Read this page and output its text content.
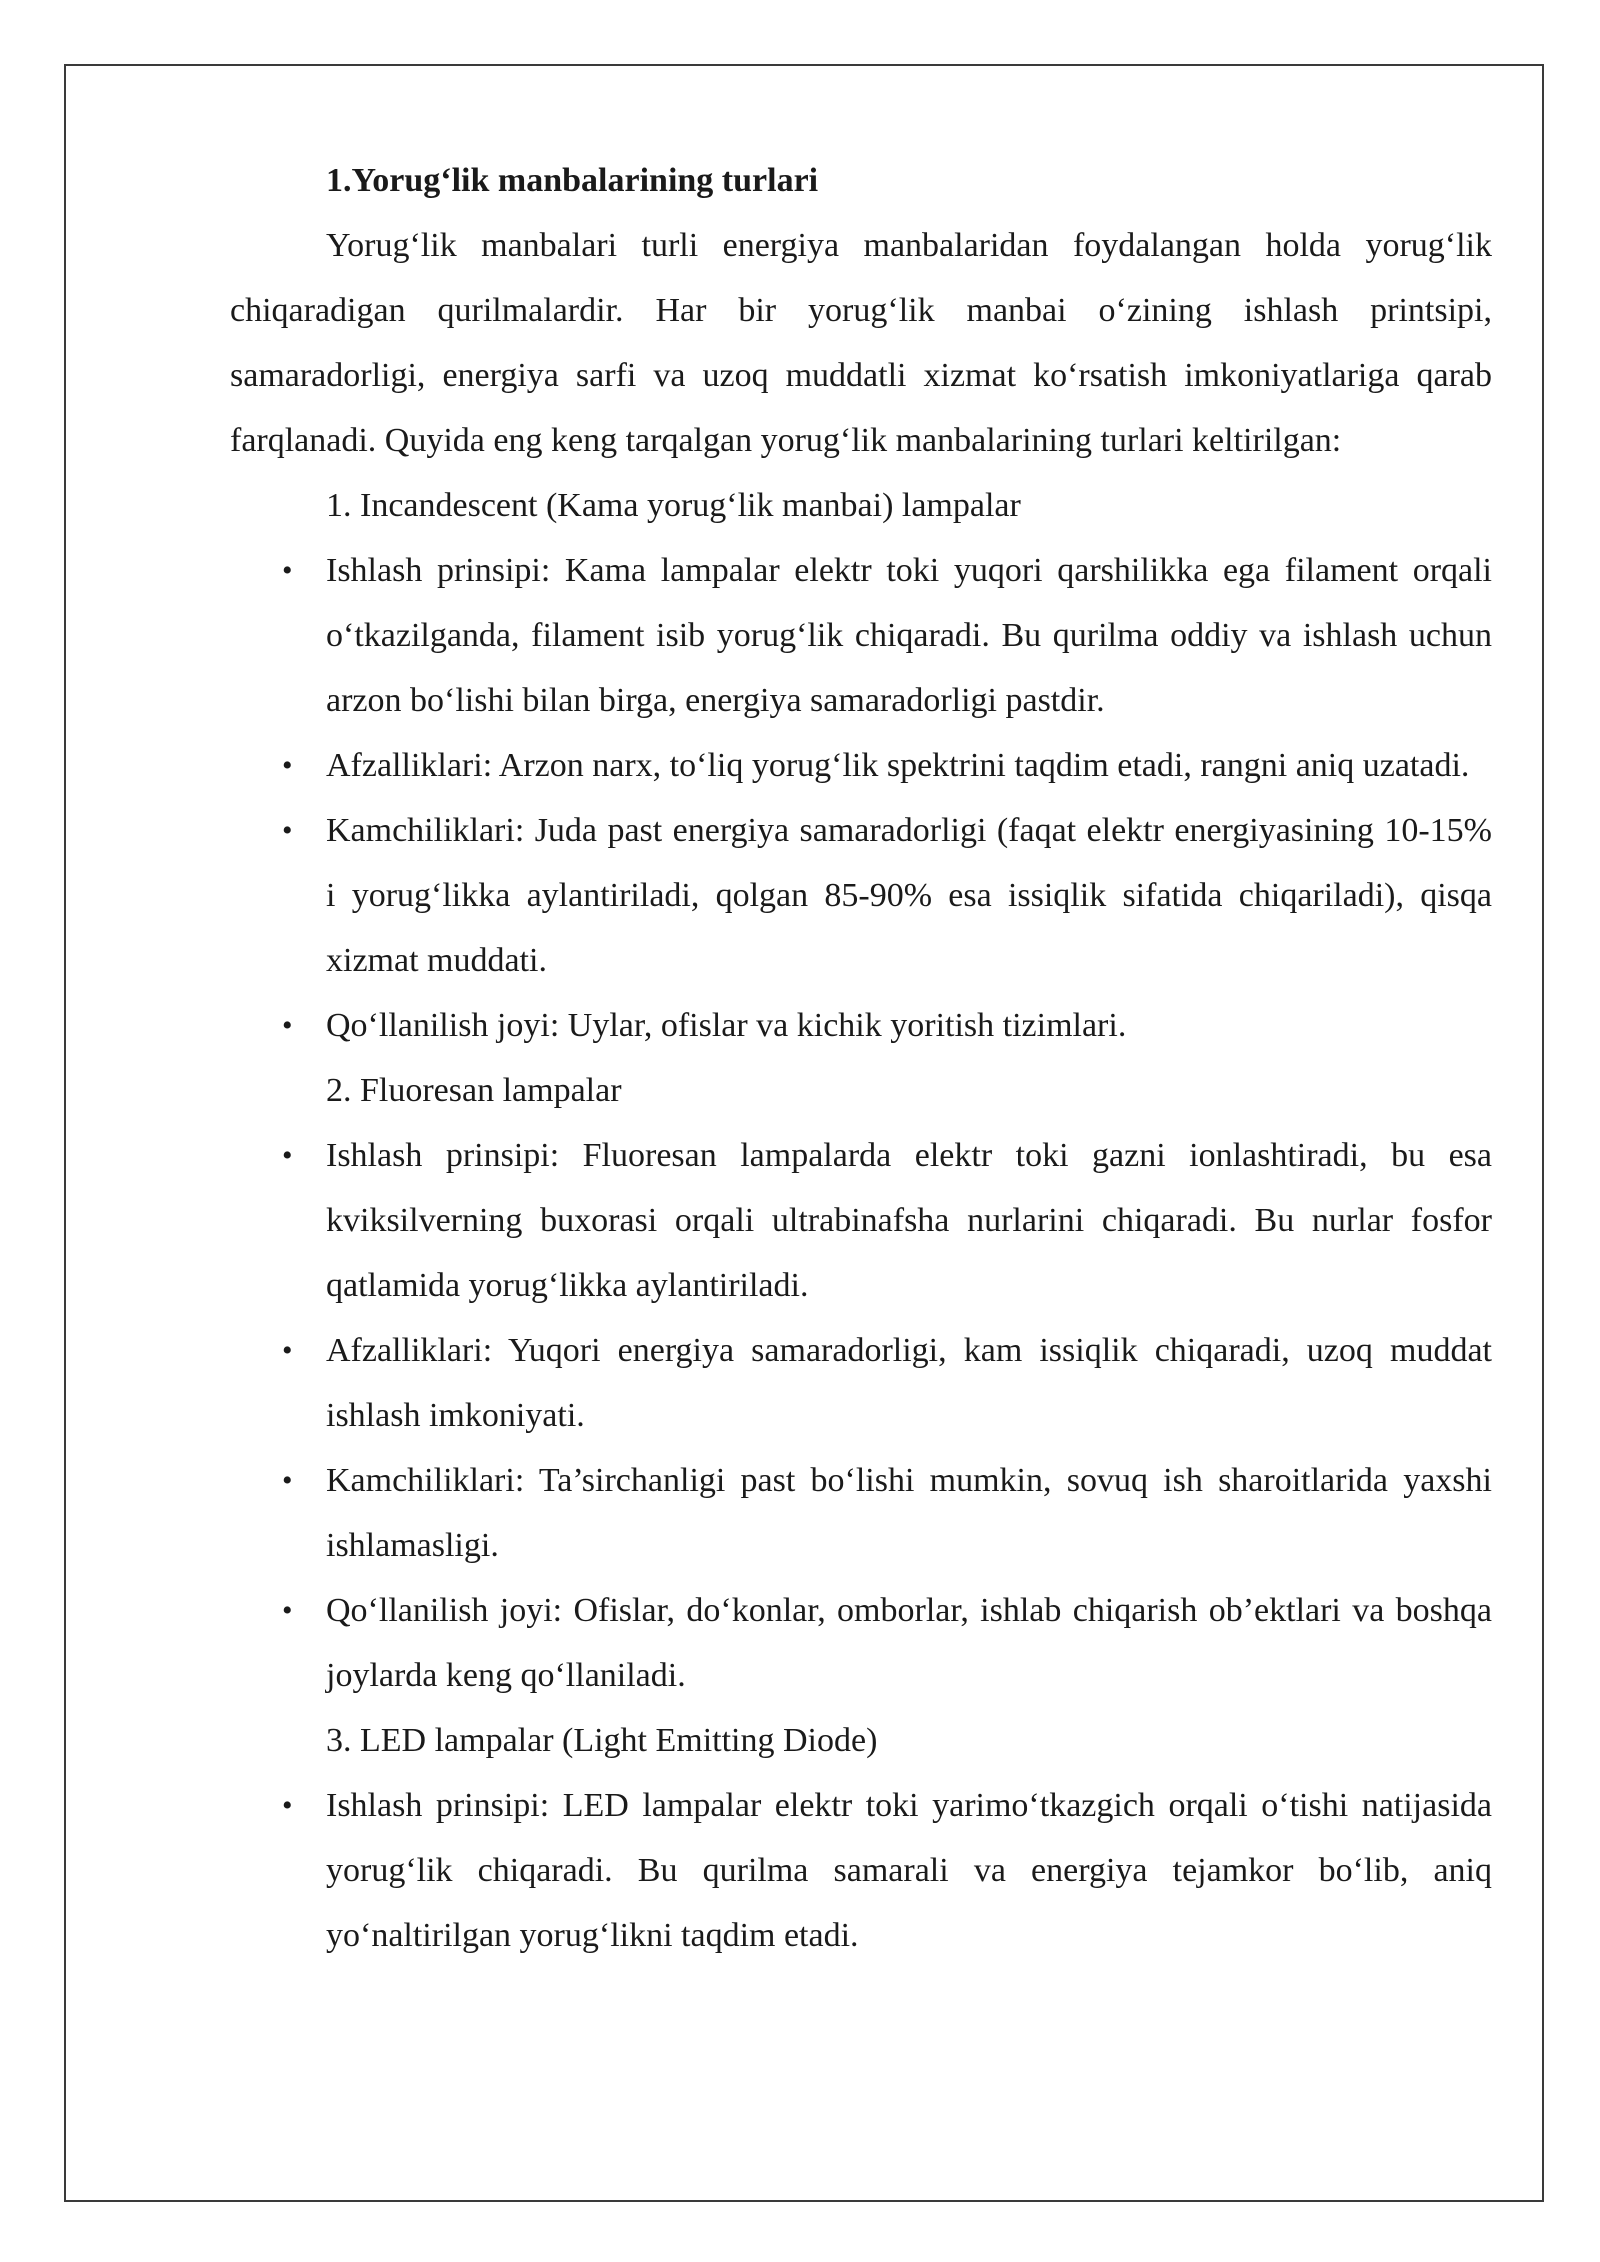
1.Yorug‘lik manbalarining turlari

Yorug‘lik manbalari turli energiya manbalaridan foydalangan holda yorug‘lik chiqaradigan qurilmalardir. Har bir yorug‘lik manbai o‘zining ishlash printsipi, samaradorligi, energiya sarfi va uzoq muddatli xizmat ko‘rsatish imkoniyatlariga qarab farqlanadi. Quyida eng keng tarqalgan yorug‘lik manbalarining turlari keltirilgan:

1. Incandescent (Kama yorug‘lik manbai) lampalar

• Ishlash prinsipi: Kama lampalar elektr toki yuqori qarshilikka ega filament orqali o‘tkazilganda, filament isib yorug‘lik chiqaradi. Bu qurilma oddiy va ishlash uchun arzon bo‘lishi bilan birga, energiya samaradorligi pastdir.
• Afzalliklari: Arzon narx, to‘liq yorug‘lik spektrini taqdim etadi, rangni aniq uzatadi.
• Kamchiliklari: Juda past energiya samaradorligi (faqat elektr energiyasining 10-15% i yorug‘likka aylantiriladi, qolgan 85-90% esa issiqlik sifatida chiqariladi), qisqa xizmat muddati.
• Qo‘llanilish joyi: Uylar, ofislar va kichik yoritish tizimlari.

2. Fluoresan lampalar

• Ishlash prinsipi: Fluoresan lampalarda elektr toki gazni ionlashtiradi, bu esa kviksilverning buxorasi orqali ultrabinafsha nurlarini chiqaradi. Bu nurlar fosfor qatlamida yorug‘likka aylantiriladi.
• Afzalliklari: Yuqori energiya samaradorligi, kam issiqlik chiqaradi, uzoq muddat ishlash imkoniyati.
• Kamchiliklari: Ta’sirchanligi past bo‘lishi mumkin, sovuq ish sharoitlarida yaxshi ishlamasligi.
• Qo‘llanilish joyi: Ofislar, do‘konlar, omborlar, ishlab chiqarish ob’ektlari va boshqa joylarda keng qo‘llaniladi.

3. LED lampalar (Light Emitting Diode)

• Ishlash prinsipi: LED lampalar elektr toki yarimo‘tkazgich orqali o‘tishi natijasida yorug‘lik chiqaradi. Bu qurilma samarali va energiya tejamkor bo‘lib, aniq yo‘naltirilgan yorug‘likni taqdim etadi.
